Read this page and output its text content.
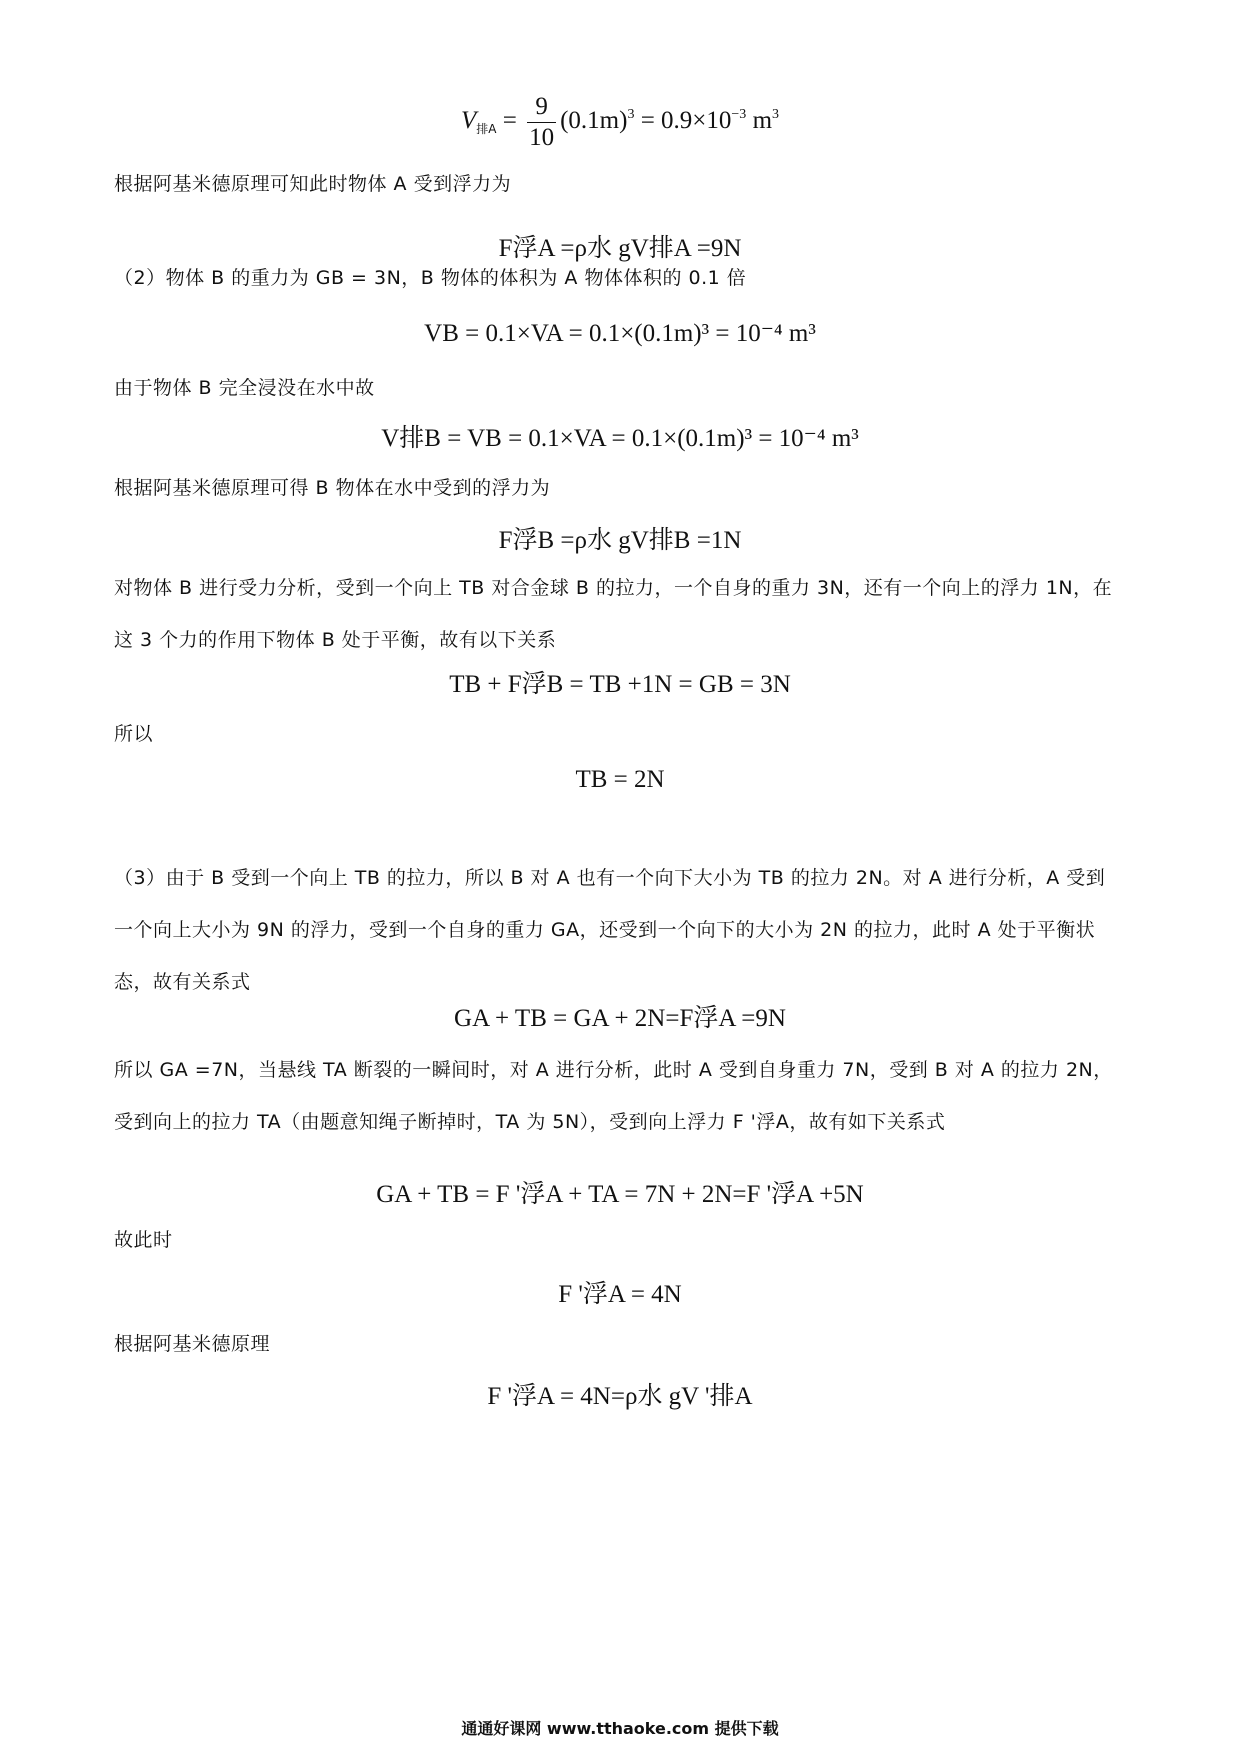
$V_{排A} = \frac{9}{10} (0.1m)^3 = 0.9\times 10^{-3}$ $m^3$
根据阿基米德原理可知此时物体 A 受到浮力为
F浮A =ρ水 gV排A =9N
（2）物体 B 的重力为 GB = 3N，B 物体的体积为 A 物体体积的 0.1 倍
VB = 0.1×VA = 0.1×(0.1m)³ = 10⁻⁴ m³
由于物体 B 完全浸没在水中故
V排B = VB = 0.1×VA = 0.1×(0.1m)³ = 10⁻⁴ m³
根据阿基米德原理可得 B 物体在水中受到的浮力为
F浮B =ρ水 gV排B =1N
对物体 B 进行受力分析，受到一个向上 TB 对合金球 B 的拉力，一个自身的重力 3N，还有一个向上的浮力 1N，在这 3 个力的作用下物体 B 处于平衡，故有以下关系
TB + F浮B = TB +1N = GB = 3N
所以
TB = 2N
（3）由于 B 受到一个向上 TB 的拉力，所以 B 对 A 也有一个向下大小为 TB 的拉力 2N。对 A 进行分析，A 受到一个向上大小为 9N 的浮力，受到一个自身的重力 GA，还受到一个向下的大小为 2N 的拉力，此时 A 处于平衡状态，故有关系式
GA + TB = GA + 2N=F浮A =9N
所以 GA =7N，当悬线 TA 断裂的一瞬间时，对 A 进行分析，此时 A 受到自身重力 7N，受到 B 对 A 的拉力 2N，受到向上的拉力 TA（由题意知绳子断掉时，TA 为 5N），受到向上浮力 F '浮A，故有如下关系式
GA + TB = F '浮A + TA = 7N + 2N=F '浮A +5N
故此时
F '浮A = 4N
根据阿基米德原理
F '浮A = 4N=ρ水 gV '排A
通通好课网 www.tthaoke.com 提供下载
